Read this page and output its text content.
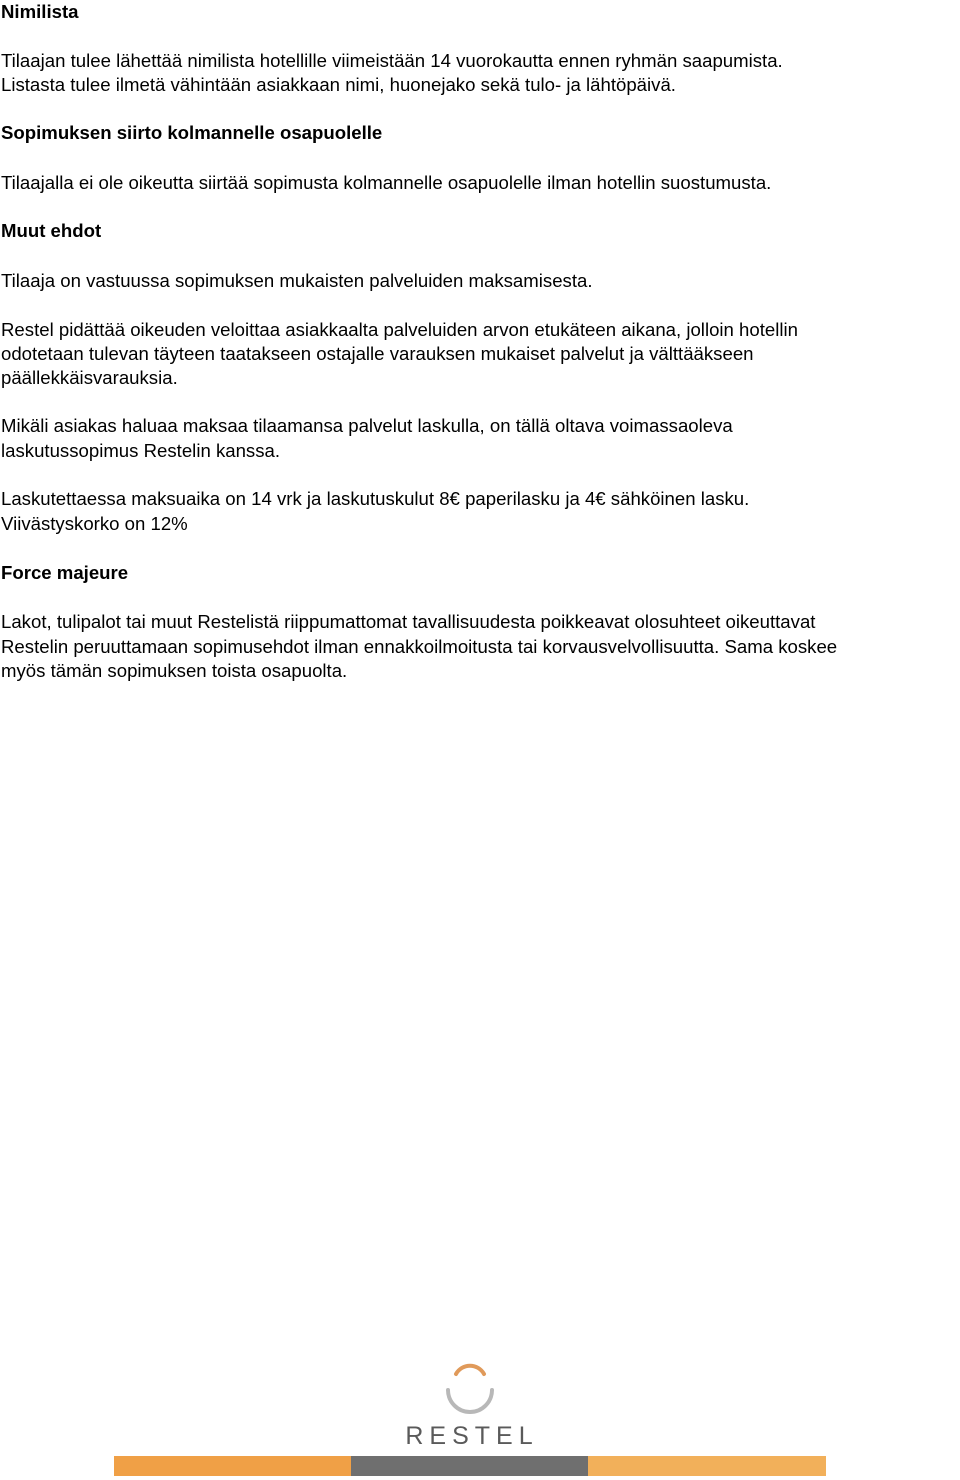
Nimilista

Tilaajan tulee lähettää nimilista hotellille viimeistään 14 vuorokautta ennen ryhmän saapumista.

Listasta tulee ilmetä vähintään asiakkaan nimi, huonejako sekä tulo- ja lähtöpäivä.

Sopimuksen siirto kolmannelle osapuolelle

Tilaajalla ei ole oikeutta siirtää sopimusta kolmannelle osapuolelle ilman hotellin suostumusta.

Muut ehdot

Tilaaja on vastuussa sopimuksen mukaisten palveluiden maksamisesta.

Restel pidättää oikeuden veloittaa asiakkaalta palveluiden arvon etukäteen aikana, jolloin hotellin

odotetaan tulevan täyteen taatakseen ostajalle varauksen mukaiset palvelut ja välttääkseen

päällekkäisvarauksia.

Mikäli asiakas haluaa maksaa tilaamansa palvelut laskulla, on tällä oltava voimassaoleva

laskutussopimus Restelin kanssa.

Laskutettaessa maksuaika on 14 vrk ja laskutuskulut 8€ paperilasku ja 4€ sähköinen lasku.

Viivästyskorko on 12%

Force majeure

Lakot, tulipalot tai muut Restelistä riippumattomat tavallisuudesta poikkeavat olosuhteet oikeuttavat

Restelin peruuttamaan sopimusehdot ilman ennakkoilmoitusta tai korvausvelvollisuutta. Sama koskee

myös tämän sopimuksen toista osapuolta.

RESTEL
